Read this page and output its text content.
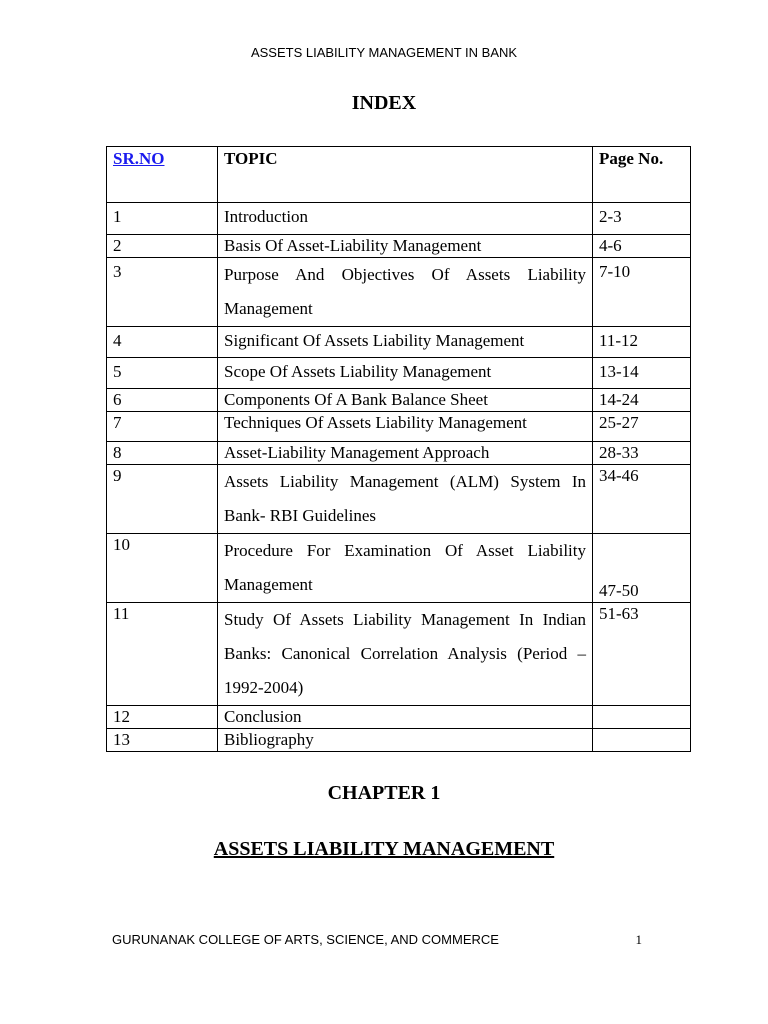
ASSETS LIABILITY MANAGEMENT IN BANK
INDEX
SR.NO	TOPIC	Page No.
1	Introduction	2-3
2	Basis Of Asset-Liability Management	4-6
3	Purpose And Objectives Of Assets Liability Management	7-10
4	Significant Of Assets Liability Management	11-12
5	Scope Of Assets Liability Management	13-14
6	Components Of A Bank Balance Sheet	14-24
7	Techniques Of Assets Liability Management	25-27
8	Asset-Liability Management Approach	28-33
9	Assets Liability Management (ALM) System In Bank- RBI Guidelines	34-46
10	Procedure For Examination Of Asset Liability Management	47-50
11	Study Of Assets Liability Management In Indian Banks: Canonical Correlation Analysis (Period – 1992-2004)	51-63
12	Conclusion	
13	Bibliography	
CHAPTER 1
ASSETS LIABILITY MANAGEMENT
GURUNANAK COLLEGE OF ARTS, SCIENCE, AND COMMERCE	1
